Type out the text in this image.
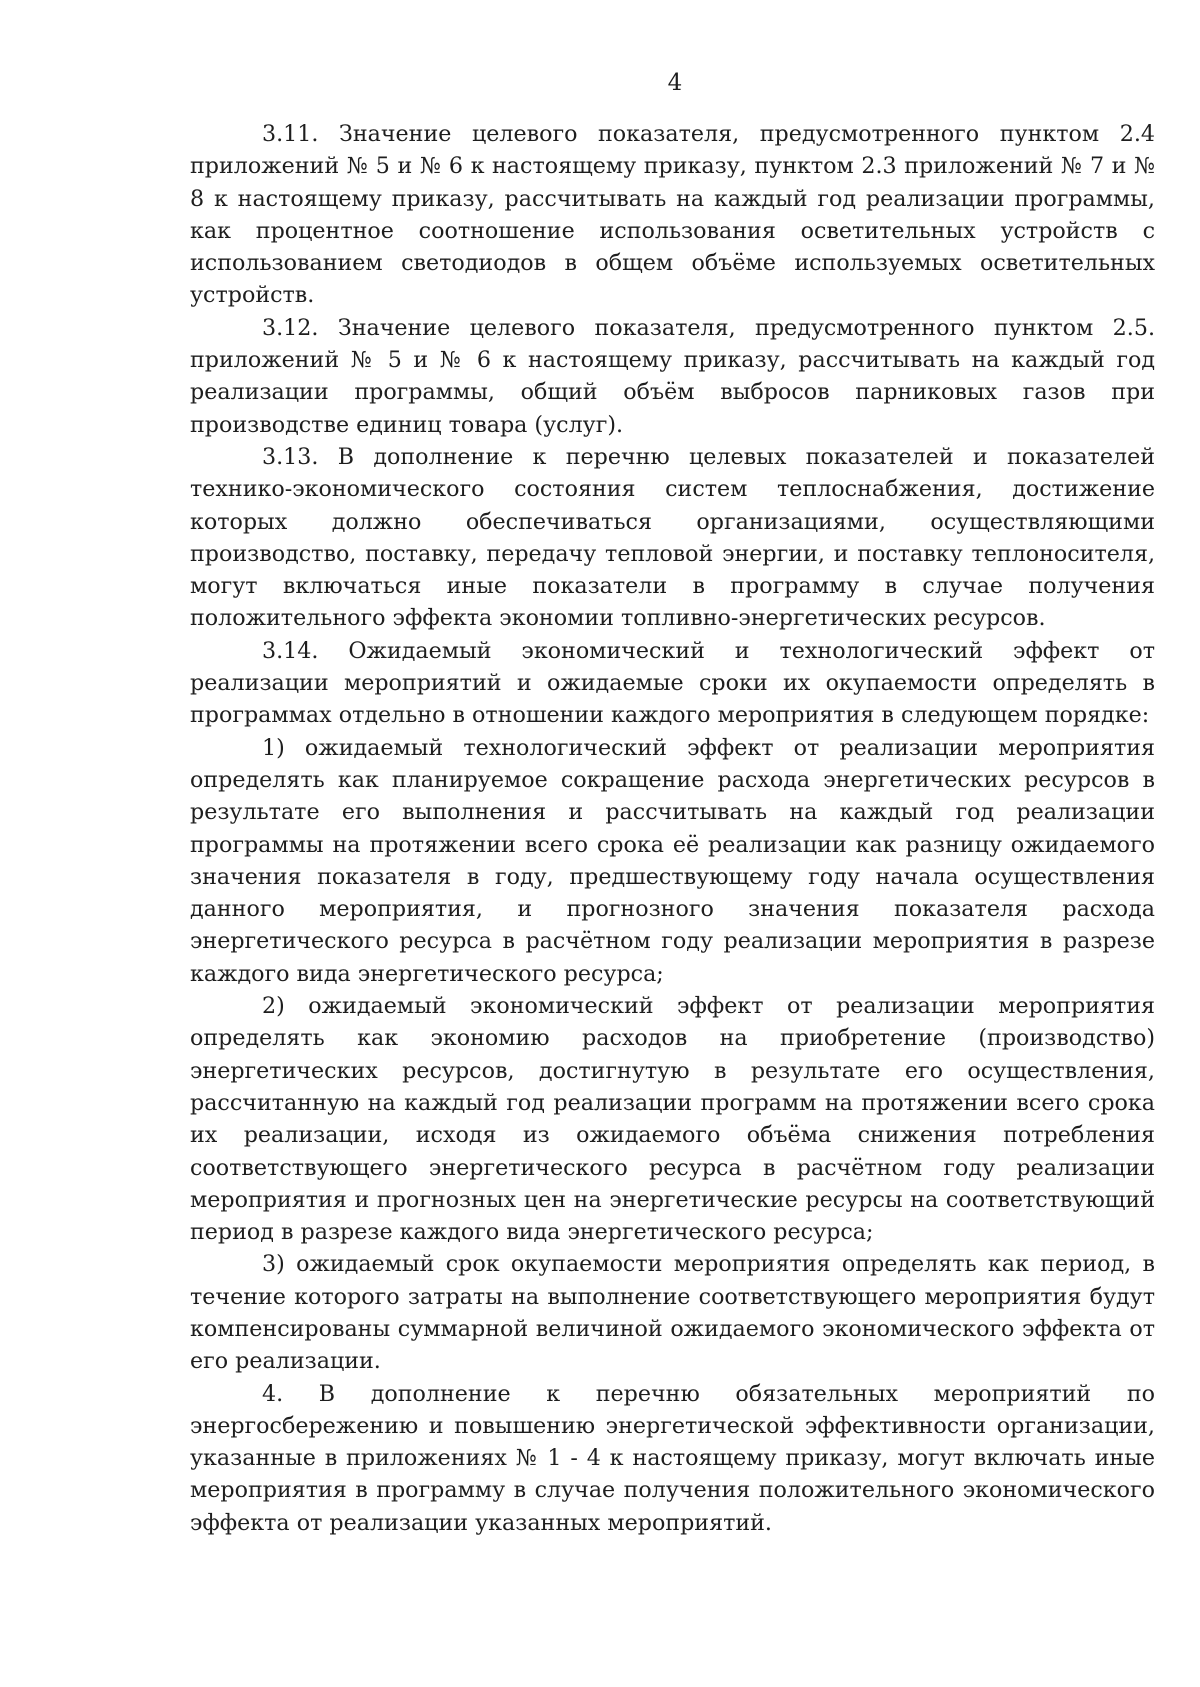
4

3.11. Значение целевого показателя, предусмотренного пунктом 2.4 приложений № 5 и № 6 к настоящему приказу, пунктом 2.3 приложений № 7 и № 8 к настоящему приказу, рассчитывать на каждый год реализации программы, как процентное соотношение использования осветительных устройств с использованием светодиодов в общем объёме используемых осветительных устройств.

3.12. Значение целевого показателя, предусмотренного пунктом 2.5. приложений № 5 и № 6 к настоящему приказу, рассчитывать на каждый год реализации программы, общий объём выбросов парниковых газов при производстве единиц товара (услуг).

3.13. В дополнение к перечню целевых показателей и показателей технико-экономического состояния систем теплоснабжения, достижение которых должно обеспечиваться организациями, осуществляющими производство, поставку, передачу тепловой энергии, и поставку теплоносителя, могут включаться иные показатели в программу в случае получения положительного эффекта экономии топливно-энергетических ресурсов.

3.14. Ожидаемый экономический и технологический эффект от реализации мероприятий и ожидаемые сроки их окупаемости определять в программах отдельно в отношении каждого мероприятия в следующем порядке:

1) ожидаемый технологический эффект от реализации мероприятия определять как планируемое сокращение расхода энергетических ресурсов в результате его выполнения и рассчитывать на каждый год реализации программы на протяжении всего срока её реализации как разницу ожидаемого значения показателя в году, предшествующему году начала осуществления данного мероприятия, и прогнозного значения показателя расхода энергетического ресурса в расчётном году реализации мероприятия в разрезе каждого вида энергетического ресурса;

2) ожидаемый экономический эффект от реализации мероприятия определять как экономию расходов на приобретение (производство) энергетических ресурсов, достигнутую в результате его осуществления, рассчитанную на каждый год реализации программ на протяжении всего срока их реализации, исходя из ожидаемого объёма снижения потребления соответствующего энергетического ресурса в расчётном году реализации мероприятия и прогнозных цен на энергетические ресурсы на соответствующий период в разрезе каждого вида энергетического ресурса;

3) ожидаемый срок окупаемости мероприятия определять как период, в течение которого затраты на выполнение соответствующего мероприятия будут компенсированы суммарной величиной ожидаемого экономического эффекта от его реализации.

4. В дополнение к перечню обязательных мероприятий по энергосбережению и повышению энергетической эффективности организации, указанные в приложениях № 1 - 4 к настоящему приказу, могут включать иные мероприятия в программу в случае получения положительного экономического эффекта от реализации указанных мероприятий.
